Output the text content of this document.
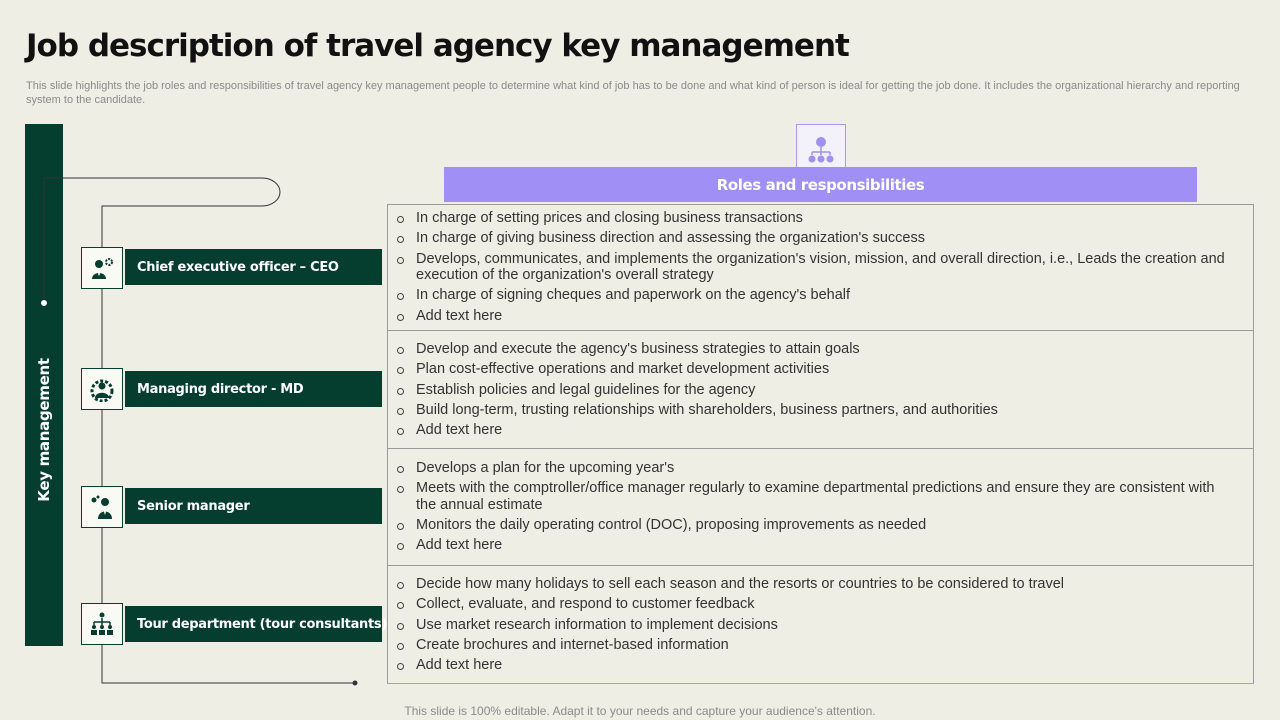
Job description of travel agency key management

This slide highlights the job roles and responsibilities of travel agency key management people to determine what kind of job has to be done and what kind of person is ideal for getting the job done. It includes the organizational hierarchy and reporting system to the candidate.

Key management
Chief executive officer – CEO
Managing director - MD
Senior manager
Tour department (tour consultants)
Roles and responsibilities
In charge of setting prices and closing business transactions
In charge of giving business direction and assessing the organization's success
Develops, communicates, and implements the organization's vision, mission, and overall direction, i.e., Leads the creation and execution of the organization's overall strategy
In charge of signing cheques and paperwork on the agency's behalf
Add text here
Develop and execute the agency's business strategies to attain goals
Plan cost-effective operations and market development activities
Establish policies and legal guidelines for the agency
Build long-term, trusting relationships with shareholders, business partners, and authorities
Add text here
Develops a plan for the upcoming year's
Meets with the comptroller/office manager regularly to examine departmental predictions and ensure they are consistent with the annual estimate
Monitors the daily operating control (DOC), proposing improvements as needed
Add text here
Decide how many holidays to sell each season and the resorts or countries to be considered to travel
Collect, evaluate, and respond to customer feedback
Use market research information to implement decisions
Create brochures and internet-based information
Add text here

This slide is 100% editable. Adapt it to your needs and capture your audience's attention.
